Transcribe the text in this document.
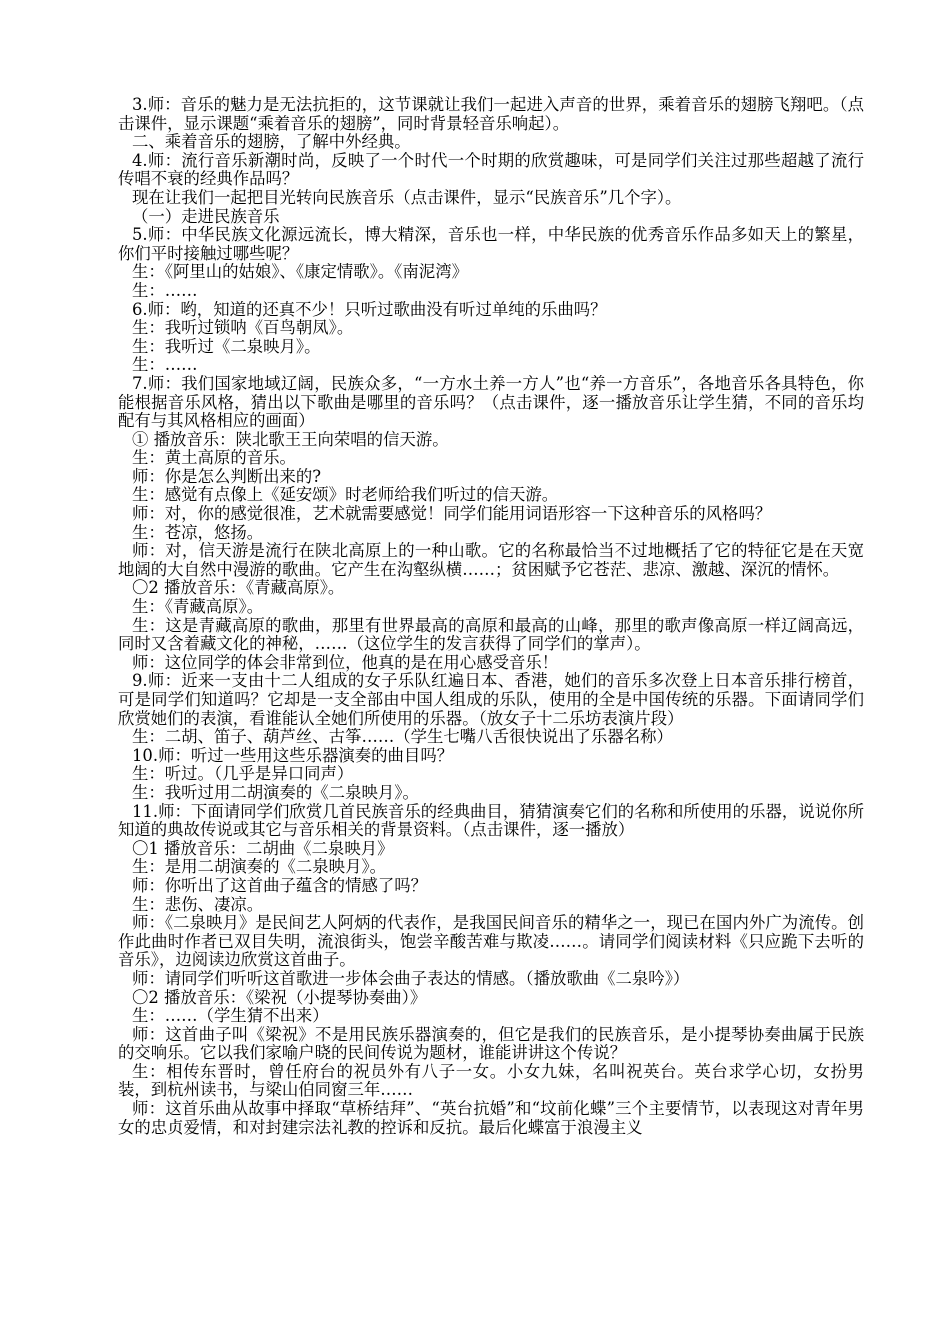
3.师：音乐的魅力是无法抗拒的，这节课就让我们一起进入声音的世界，乘着音乐的翅膀飞翔吧。（点击课件，显示课题“乘着音乐的翅膀”，同时背景轻音乐响起）。

二、乘着音乐的翅膀，了解中外经典。

4.师：流行音乐新潮时尚，反映了一个时代一个时期的欣赏趣味，可是同学们关注过那些超越了流行传唱不衰的经典作品吗？

现在让我们一起把目光转向民族音乐（点击课件，显示“民族音乐”几个字）。

（一）走进民族音乐

5.师：中华民族文化源远流长，博大精深，音乐也一样，中华民族的优秀音乐作品多如天上的繁星，你们平时接触过哪些呢？

生：《阿里山的姑娘》、《康定情歌》。《南泥湾》

生：……

6.师：哟，知道的还真不少！只听过歌曲没有听过单纯的乐曲吗？

生：我听过锁呐《百鸟朝凤》。

生：我听过《二泉映月》。

生：……

7.师：我们国家地域辽阔，民族众多，“一方水土养一方人”也“养一方音乐”，各地音乐各具特色，你能根据音乐风格，猜出以下歌曲是哪里的音乐吗？（点击课件，逐一播放音乐让学生猜，不同的音乐均配有与其风格相应的画面）

① 播放音乐：陕北歌王王向荣唱的信天游。

生：黄土高原的音乐。

师：你是怎么判断出来的?

生：感觉有点像上《延安颂》时老师给我们听过的信天游。

师：对，你的感觉很准，艺术就需要感觉！同学们能用词语形容一下这种音乐的风格吗？

生：苍凉，悠扬。

师：对，信天游是流行在陕北高原上的一种山歌。它的名称最恰当不过地概括了它的特征它是在天宽地阔的大自然中漫游的歌曲。它产生在沟壑纵横……；贫困赋予它苍茫、悲凉、激越、深沉的情怀。

〇2 播放音乐：《青藏高原》。

生：《青藏高原》。

生：这是青藏高原的歌曲，那里有世界最高的高原和最高的山峰，那里的歌声像高原一样辽阔高远，同时又含着藏文化的神秘，……（这位学生的发言获得了同学们的掌声）。

师：这位同学的体会非常到位，他真的是在用心感受音乐！

9.师：近来一支由十二人组成的女子乐队红遍日本、香港，她们的音乐多次登上日本音乐排行榜首，可是同学们知道吗？它却是一支全部由中国人组成的乐队，使用的全是中国传统的乐器。下面请同学们欣赏她们的表演，看谁能认全她们所使用的乐器。（放女子十二乐坊表演片段）

生：二胡、笛子、葫芦丝、古筝……（学生七嘴八舌很快说出了乐器名称）

10.师：听过一些用这些乐器演奏的曲目吗？

生：听过。（几乎是异口同声）

生：我听过用二胡演奏的《二泉映月》。

11.师：下面请同学们欣赏几首民族音乐的经典曲目，猜猜演奏它们的名称和所使用的乐器，说说你所知道的典故传说或其它与音乐相关的背景资料。（点击课件，逐一播放）

〇1 播放音乐：二胡曲《二泉映月》

生：是用二胡演奏的《二泉映月》。

师：你听出了这首曲子蕴含的情感了吗？

生：悲伤、凄凉。

师：《二泉映月》是民间艺人阿炳的代表作，是我国民间音乐的精华之一，现已在国内外广为流传。创作此曲时作者已双目失明，流浪街头，饱尝辛酸苦难与欺凌……。请同学们阅读材料《只应跪下去听的音乐》，边阅读边欣赏这首曲子。

师：请同学们听听这首歌进一步体会曲子表达的情感。（播放歌曲《二泉吟》）

〇2 播放音乐：《梁祝（小提琴协奏曲）》

生：……（学生猜不出来）

师：这首曲子叫《梁祝》不是用民族乐器演奏的，但它是我们的民族音乐，是小提琴协奏曲属于民族的交响乐。它以我们家喻户晓的民间传说为题材，谁能讲讲这个传说？

生：相传东晋时，曾任府台的祝员外有八子一女。小女九妹，名叫祝英台。英台求学心切，女扮男装，到杭州读书，与梁山伯同窗三年……

师：这首乐曲从故事中择取“草桥结拜”、“英台抗婚”和“坟前化蝶”三个主要情节，以表现这对青年男女的忠贞爱情，和对封建宗法礼教的控诉和反抗。最后化蝶富于浪漫主义
